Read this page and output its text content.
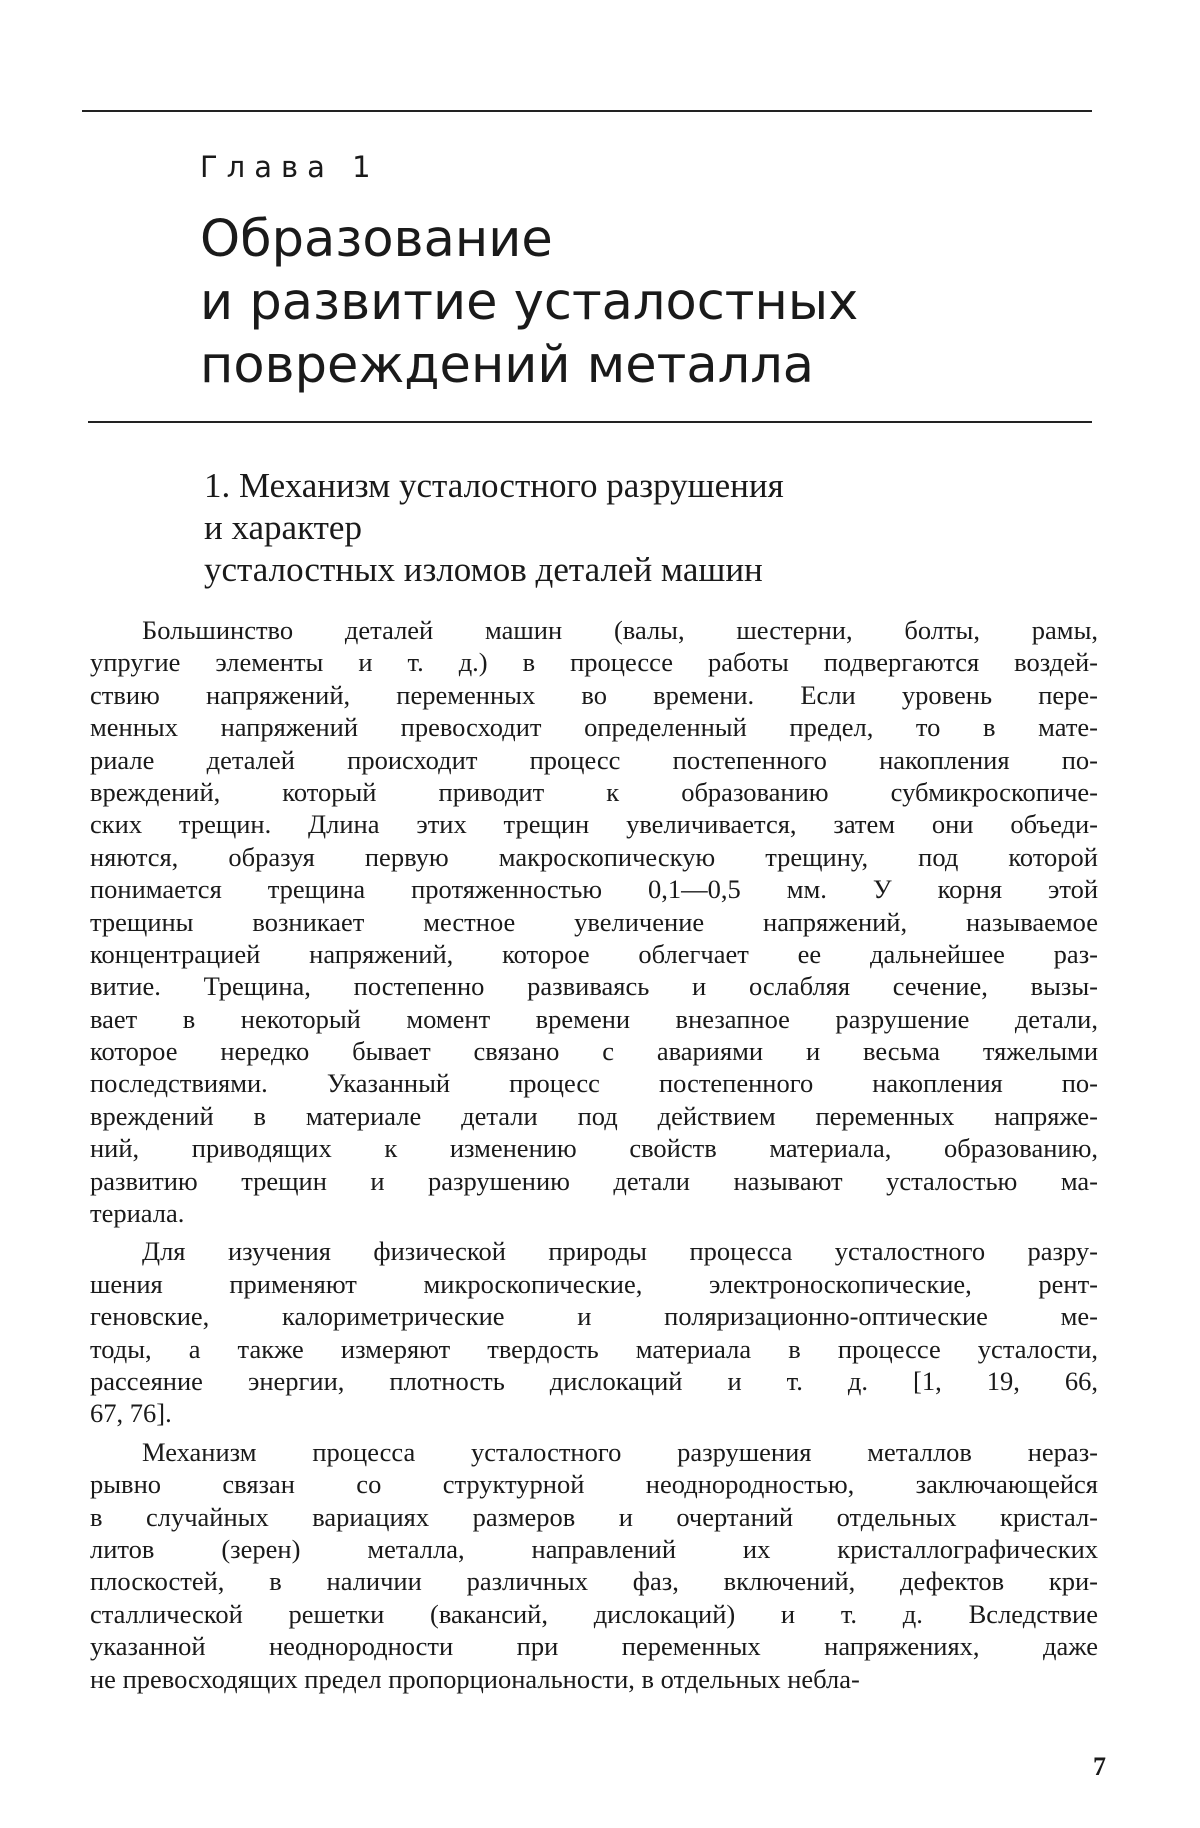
Глава 1

Образование
и развитие усталостных
повреждений металла
1. Механизм усталостного разрушения
и характер
усталостных изломов деталей машин

Большинство деталей машин (валы, шестерни, болты, рамы,
упругие элементы и т. д.) в процессе работы подвергаются воздей-
ствию напряжений, переменных во времени. Если уровень пере-
менных напряжений превосходит определенный предел, то в мате-
риале деталей происходит процесс постепенного накопления по-
вреждений, который приводит к образованию субмикроскопиче-
ских трещин. Длина этих трещин увеличивается, затем они объеди-
няются, образуя первую макроскопическую трещину, под которой
понимается трещина протяженностью 0,1—0,5 мм. У корня этой
трещины возникает местное увеличение напряжений, называемое
концентрацией напряжений, которое облегчает ее дальнейшее раз-
витие. Трещина, постепенно развиваясь и ослабляя сечение, вызы-
вает в некоторый момент времени внезапное разрушение детали,
которое нередко бывает связано с авариями и весьма тяжелыми
последствиями. Указанный процесс постепенного накопления по-
вреждений в материале детали под действием переменных напряже-
ний, приводящих к изменению свойств материала, образованию,
развитию трещин и разрушению детали называют усталостью ма-
териала.

Для изучения физической природы процесса усталостного разру-
шения применяют микроскопические, электроноскопические, рент-
геновские, калориметрические и поляризационно-оптические ме-
тоды, а также измеряют твердость материала в процессе усталости,
рассеяние энергии, плотность дислокаций и т. д. [1, 19, 66,
67, 76].

Механизм процесса усталостного разрушения металлов нераз-
рывно связан со структурной неоднородностью, заключающейся
в случайных вариациях размеров и очертаний отдельных кристал-
литов (зерен) металла, направлений их кристаллографических
плоскостей, в наличии различных фаз, включений, дефектов кри-
сталлической решетки (вакансий, дислокаций) и т. д. Вследствие
указанной неоднородности при переменных напряжениях, даже
не превосходящих предел пропорциональности, в отдельных небла-

7
